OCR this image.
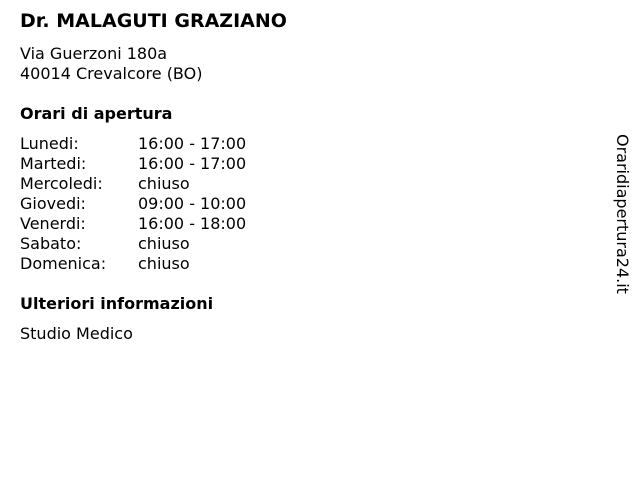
Dr. MALAGUTI GRAZIANO
Via Guerzoni 180a
40014 Crevalcore (BO)
Orari di apertura
Lunedi:	16:00 - 17:00
Martedi:	16:00 - 17:00
Mercoledi: chiuso
Giovedi:	09:00 - 10:00
Venerdi:	16:00 - 18:00
Sabato:	chiuso
Domenica: chiuso
Ulteriori informazioni
Studio Medico
Oraridiapertura24.it
